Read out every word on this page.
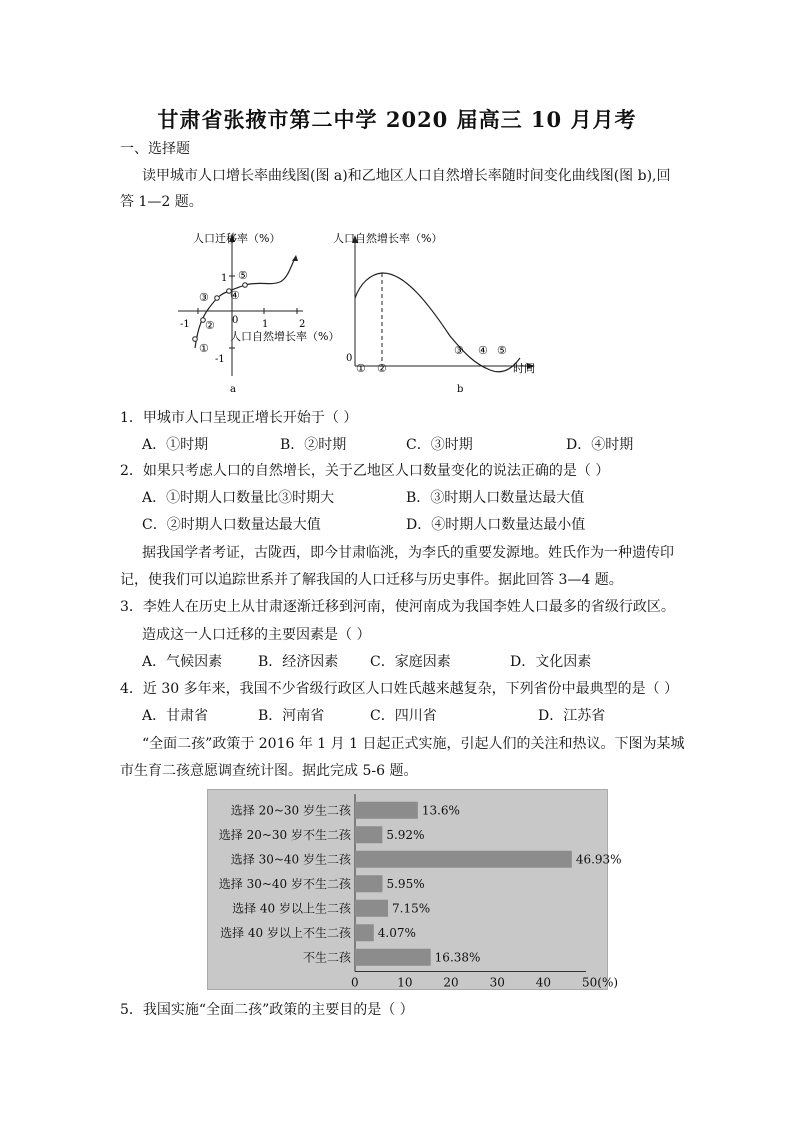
甘肃省张掖市第二中学 2020 届高三 10 月月考
一、选择题
读甲城市人口增长率曲线图(图 a)和乙地区人口自然增长率随时间变化曲线图(图 b),回
答 1—2 题。
人口迁移率（%）
人口自然增长率（%）
-1	0 1	2
1
-1
①
②
③ ④
⑤
a
人口自然增长率（%）
时间
0
① ②
③ ④ ⑤
b
1．甲城市人口呈现正增长开始于（ ）
A．①时期	B．②时期	C．③时期	D．④时期
2．如果只考虑人口的自然增长，关于乙地区人口数量变化的说法正确的是（ ）
A．①时期人口数量比③时期大	B．③时期人口数量达最大值
C．②时期人口数量达最大值	D．④时期人口数量达最小值
据我国学者考证，古陇西，即今甘肃临洮，为李氏的重要发源地。姓氏作为一种遗传印
记，使我们可以追踪世系并了解我国的人口迁移与历史事件。据此回答 3—4 题。
3．李姓人在历史上从甘肃逐渐迁移到河南，使河南成为我国李姓人口最多的省级行政区。
造成这一人口迁移的主要因素是（ ）
A．气候因素	B．经济因素 C．家庭因素	D．文化因素
4．近 30 多年来，我国不少省级行政区人口姓氏越来越复杂，下列省份中最典型的是（ ）
A．甘肃省	B．河南省	C．四川省	D．江苏省
“全面二孩”政策于 2016 年 1 月 1 日起正式实施，引起人们的关注和热议。下图为某城
市生育二孩意愿调查统计图。据此完成 5-6 题。
选择 20~30 岁生二孩	13.6%
选择 20~30 岁不生二孩	5.92%
选择 30~40 岁生二孩	46.93%
选择 30~40 岁不生二孩	5.95%
选择 40 岁以上生二孩	7.15%
选择 40 岁以上不生二孩 4.07%
不生二孩	16.38%
0	10	20	30	40	50(%)
5．我国实施“全面二孩”政策的主要目的是（ ）
